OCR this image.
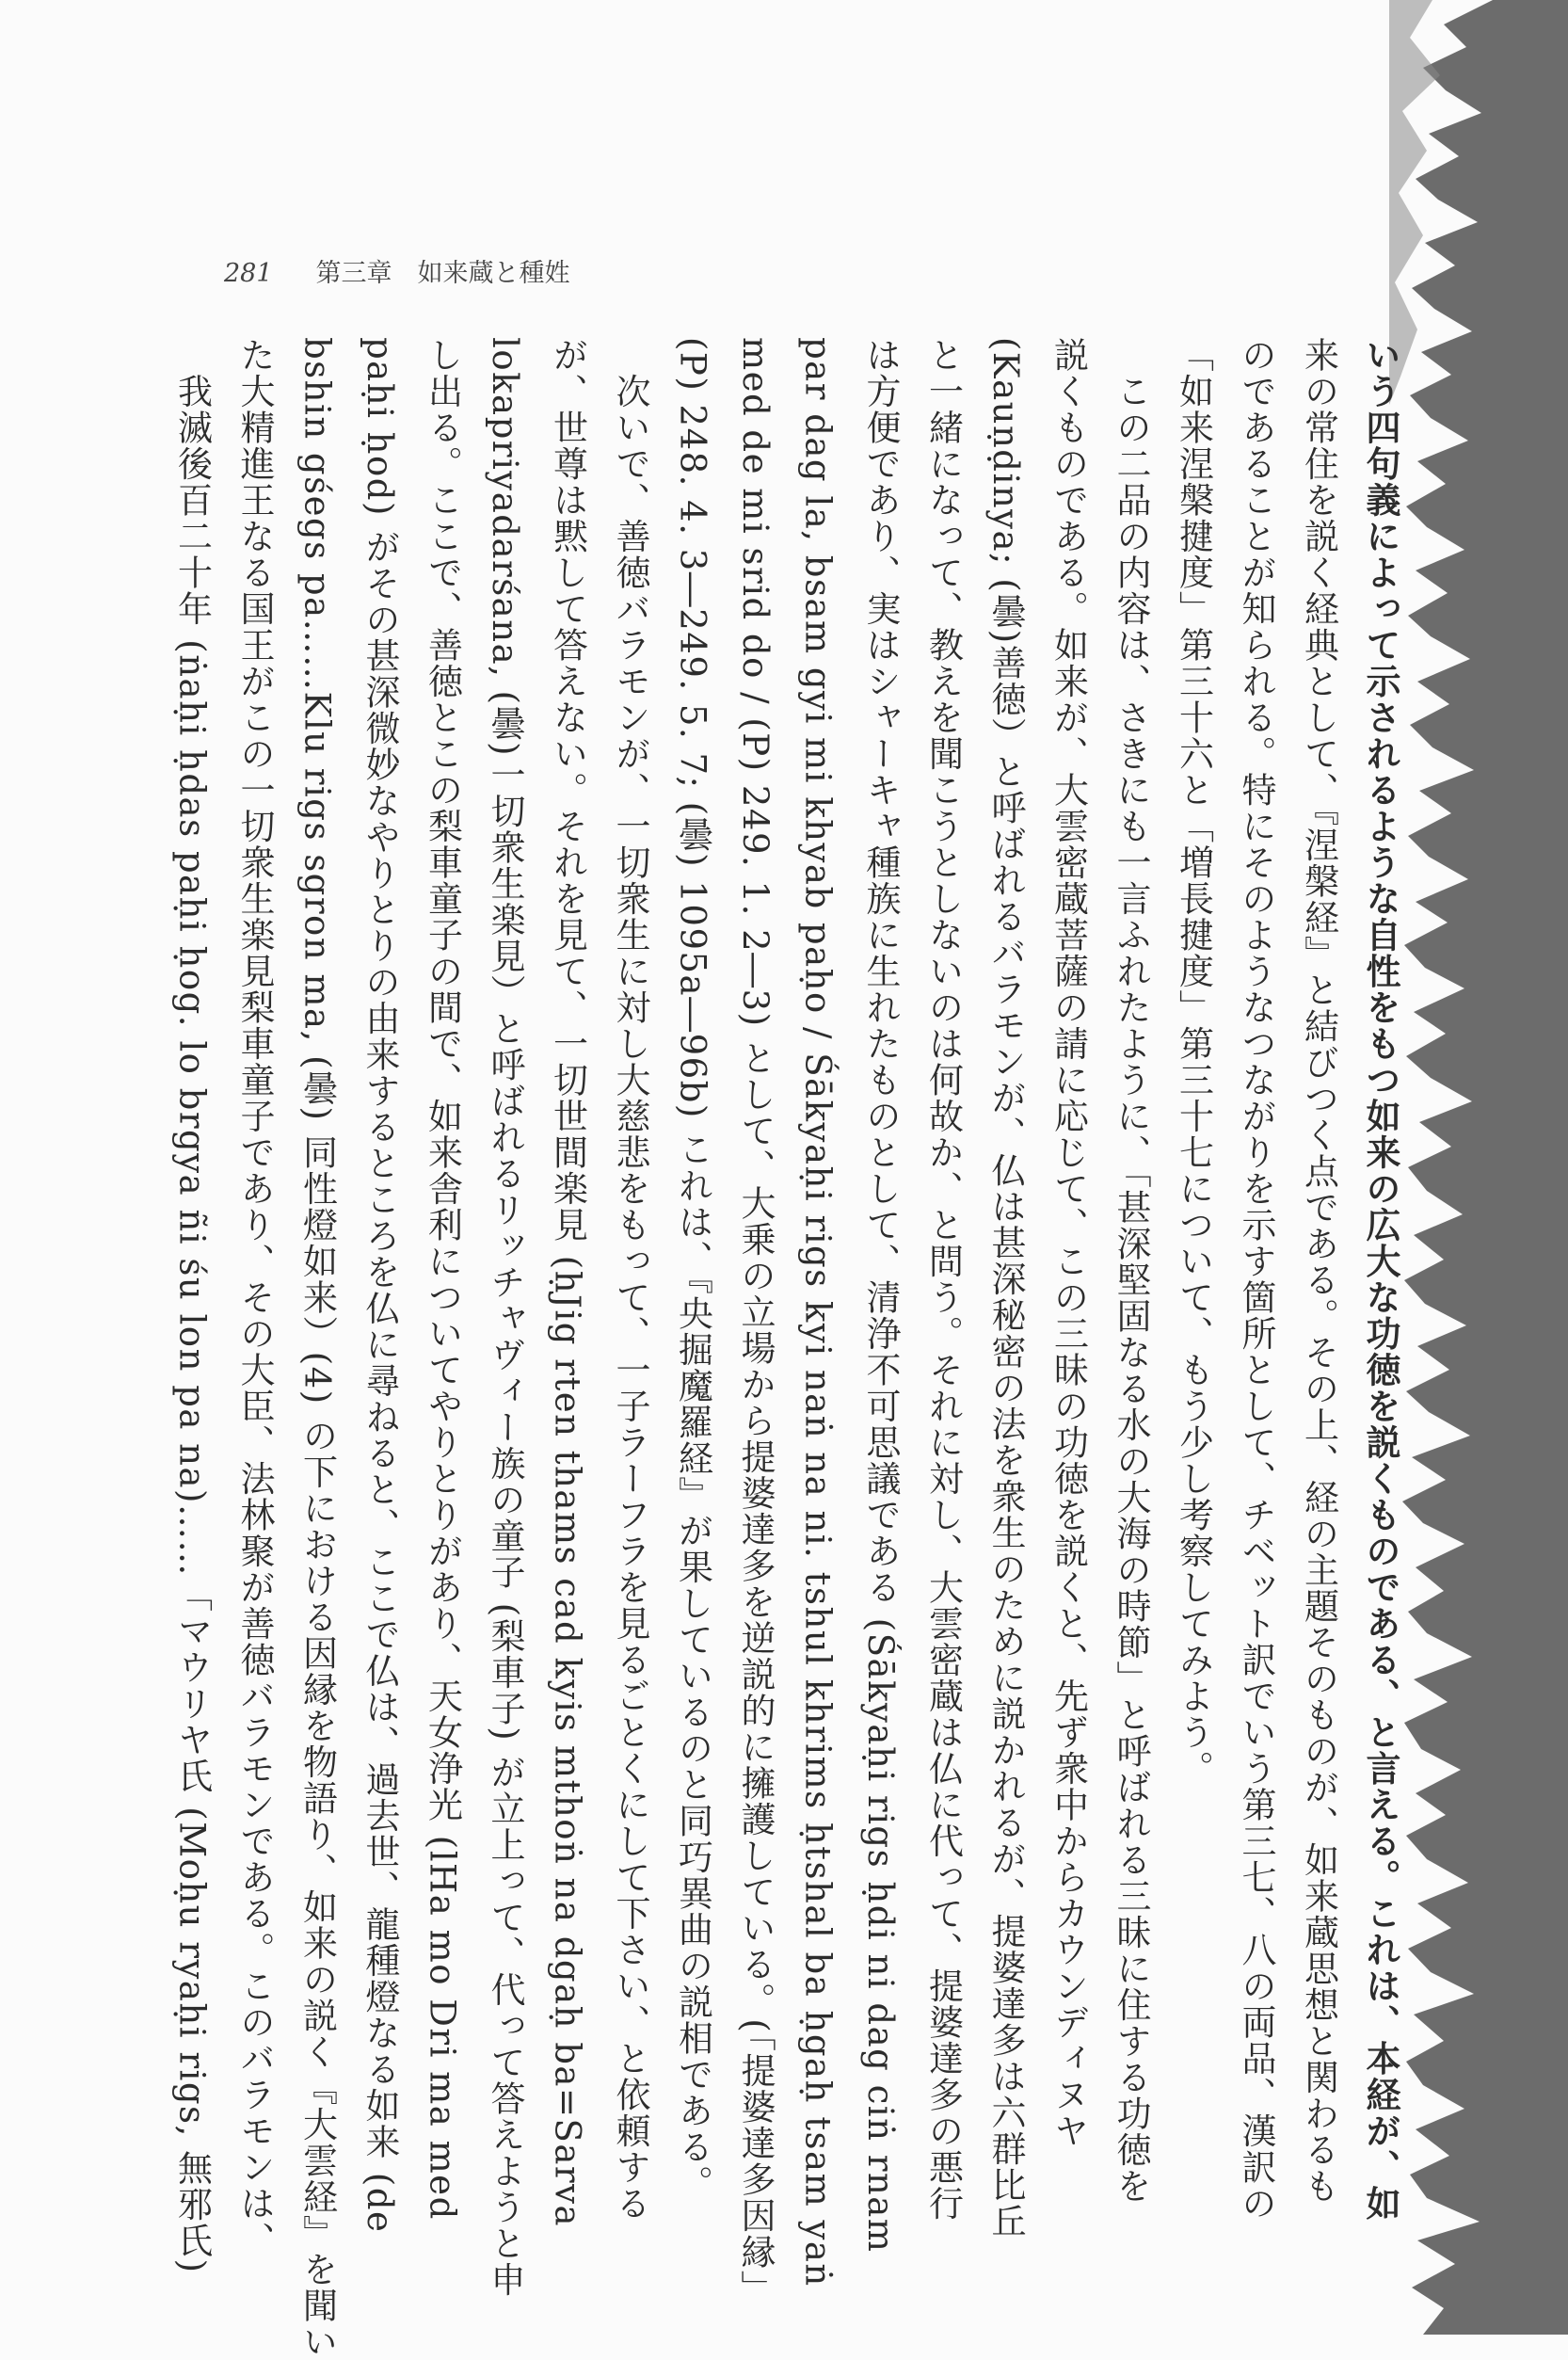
281 第三章　如来蔵と種姓
いう四句義によって示されるような自性をもつ如来の広大な功徳を説くものである、と言える。これは、本経が、如
来の常住を説く経典として、『涅槃経』と結びつく点である。その上、経の主題そのものが、如来蔵思想と関わるも
のであることが知られる。特にそのようなつながりを示す箇所として、チベット訳でいう第三七、八の両品、漢訳の
「如来涅槃揵度」第三十六と「増長揵度」第三十七について、もう少し考察してみよう。
　この二品の内容は、さきにも一言ふれたように、「甚深堅固なる水の大海の時節」と呼ばれる三昧に住する功徳を
説くものである。如来が、大雲密蔵菩薩の請に応じて、この三昧の功徳を説くと、先ず衆中からカウンディヌヤ
(Kauṇḍinya; (曇)善徳）と呼ばれるバラモンが、仏は甚深秘密の法を衆生のために説かれるが、提婆達多は六群比丘
と一緒になって、教えを聞こうとしないのは何故か、と問う。それに対し、大雲密蔵は仏に代って、提婆達多の悪行
は方便であり、実はシャーキャ種族に生れたものとして、清浄不可思議である (Śākyaḥi rigs ḥdi ni dag ciṅ rnam
par dag la, bsam gyi mi khyab paḥo / Śākyaḥi rigs kyi naṅ na ni. tshul khrims ḥtshal ba ḥgaḥ tsam yaṅ
med de mi srid do / (P) 249. 1. 2―3) として、大乗の立場から提婆達多を逆説的に擁護している。(「提婆達多因縁」
(P) 248. 4. 3―249. 5. 7; (曇) 1095a―96b) これは、『央掘魔羅経』が果しているのと同巧異曲の説相である。
　次いで、善徳バラモンが、一切衆生に対し大慈悲をもって、一子ラーフラを見るごとくにして下さい、と依頼する
が、世尊は黙して答えない。それを見て、一切世間楽見 (ḥJig rten thams cad kyis mthoṅ na dgaḥ ba=Sarva
lokapriyadarśana, (曇)一切衆生楽見）と呼ばれるリッチャヴィー族の童子 (梨車子) が立上って、代って答えようと申
し出る。ここで、善徳とこの梨車童子の間で、如来舎利についてやりとりがあり、天女浄光 (lHa mo Dri ma med
paḥi ḥod) がその甚深微妙なやりとりの由来するところを仏に尋ねると、ここで仏は、過去世、龍種燈なる如来 (de
bshin gśegs pa……Klu rigs sgron ma, (曇) 同性燈如来）(4) の下における因縁を物語り、如来の説く『大雲経』を聞い
た大精進王なる国王がこの一切衆生楽見梨車童子であり、その大臣、法林聚が善徳バラモンである。このバラモンは、
　我滅後百二十年 (ṅaḥi ḥdas paḥi ḥog. lo brgya ñi śu lon pa na)……「マウリヤ氏 (Moḥu ryaḥi rigs, 無邪氏)
